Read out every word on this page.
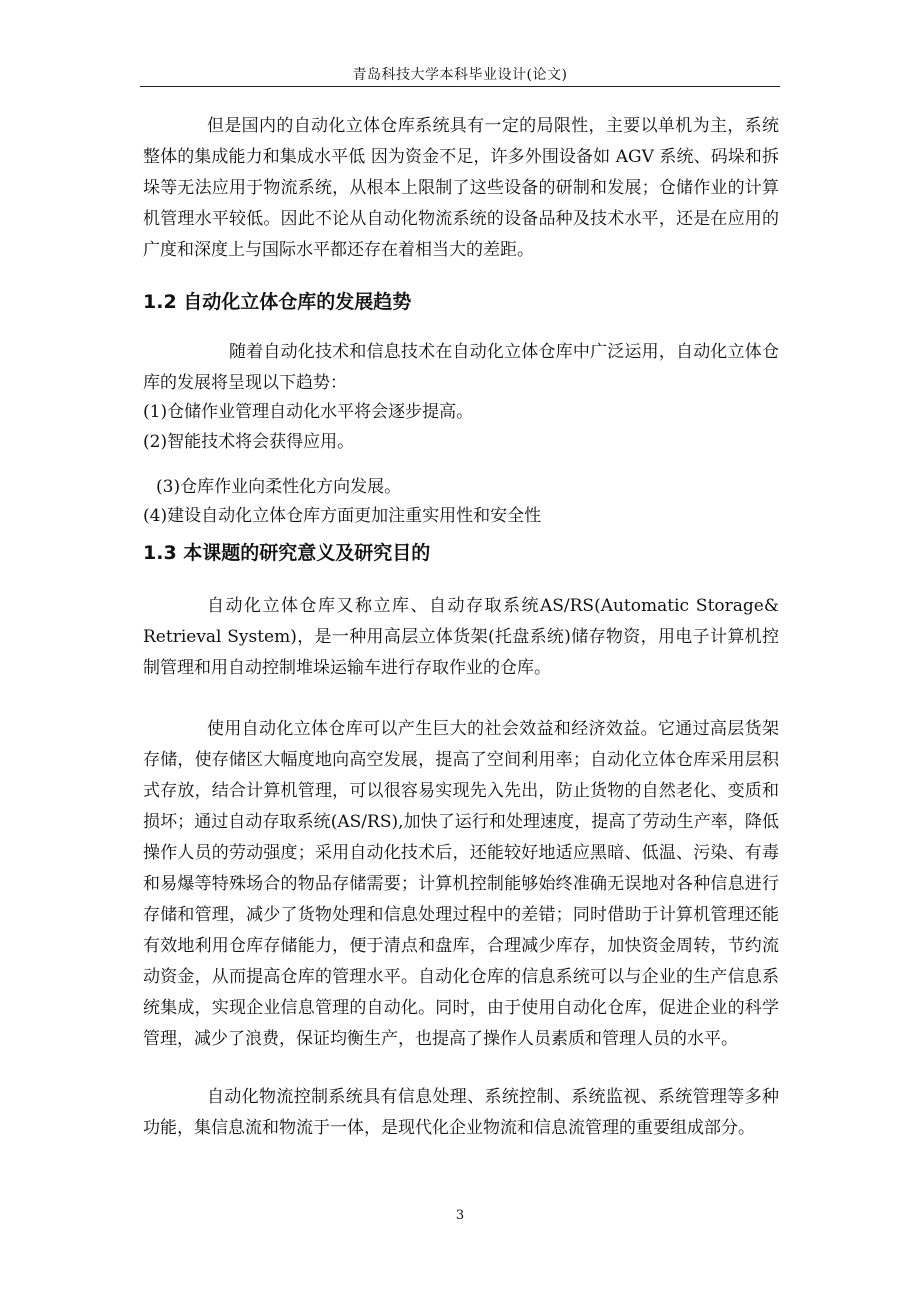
青岛科技大学本科毕业设计(论文)
但是国内的自动化立体仓库系统具有一定的局限性，主要以单机为主，系统整体的集成能力和集成水平低 因为资金不足，许多外围设备如 AGV 系统、码垛和拆垛等无法应用于物流系统，从根本上限制了这些设备的研制和发展；仓储作业的计算机管理水平较低。因此不论从自动化物流系统的设备品种及技术水平，还是在应用的广度和深度上与国际水平都还存在着相当大的差距。
1.2 自动化立体仓库的发展趋势
随着自动化技术和信息技术在自动化立体仓库中广泛运用，自动化立体仓库的发展将呈现以下趋势：
(1)仓储作业管理自动化水平将会逐步提高。
(2)智能技术将会获得应用。
(3)仓库作业向柔性化方向发展。
(4)建设自动化立体仓库方面更加注重实用性和安全性
1.3 本课题的研究意义及研究目的
自动化立体仓库又称立库、自动存取系统AS/RS(Automatic Storage& Retrieval System)，是一种用高层立体货架(托盘系统)储存物资，用电子计算机控制管理和用自动控制堆垛运输车进行存取作业的仓库。
使用自动化立体仓库可以产生巨大的社会效益和经济效益。它通过高层货架存储，使存储区大幅度地向高空发展，提高了空间利用率；自动化立体仓库采用层积式存放，结合计算机管理，可以很容易实现先入先出，防止货物的自然老化、变质和损坏；通过自动存取系统(AS/RS),加快了运行和处理速度，提高了劳动生产率，降低操作人员的劳动强度；采用自动化技术后，还能较好地适应黑暗、低温、污染、有毒和易爆等特殊场合的物品存储需要；计算机控制能够始终准确无误地对各种信息进行存储和管理，减少了货物处理和信息处理过程中的差错；同时借助于计算机管理还能有效地利用仓库存储能力，便于清点和盘库，合理减少库存，加快资金周转，节约流动资金，从而提高仓库的管理水平。自动化仓库的信息系统可以与企业的生产信息系统集成，实现企业信息管理的自动化。同时，由于使用自动化仓库，促进企业的科学管理，减少了浪费，保证均衡生产，也提高了操作人员素质和管理人员的水平。
自动化物流控制系统具有信息处理、系统控制、系统监视、系统管理等多种功能，集信息流和物流于一体，是现代化企业物流和信息流管理的重要组成部分。
3
